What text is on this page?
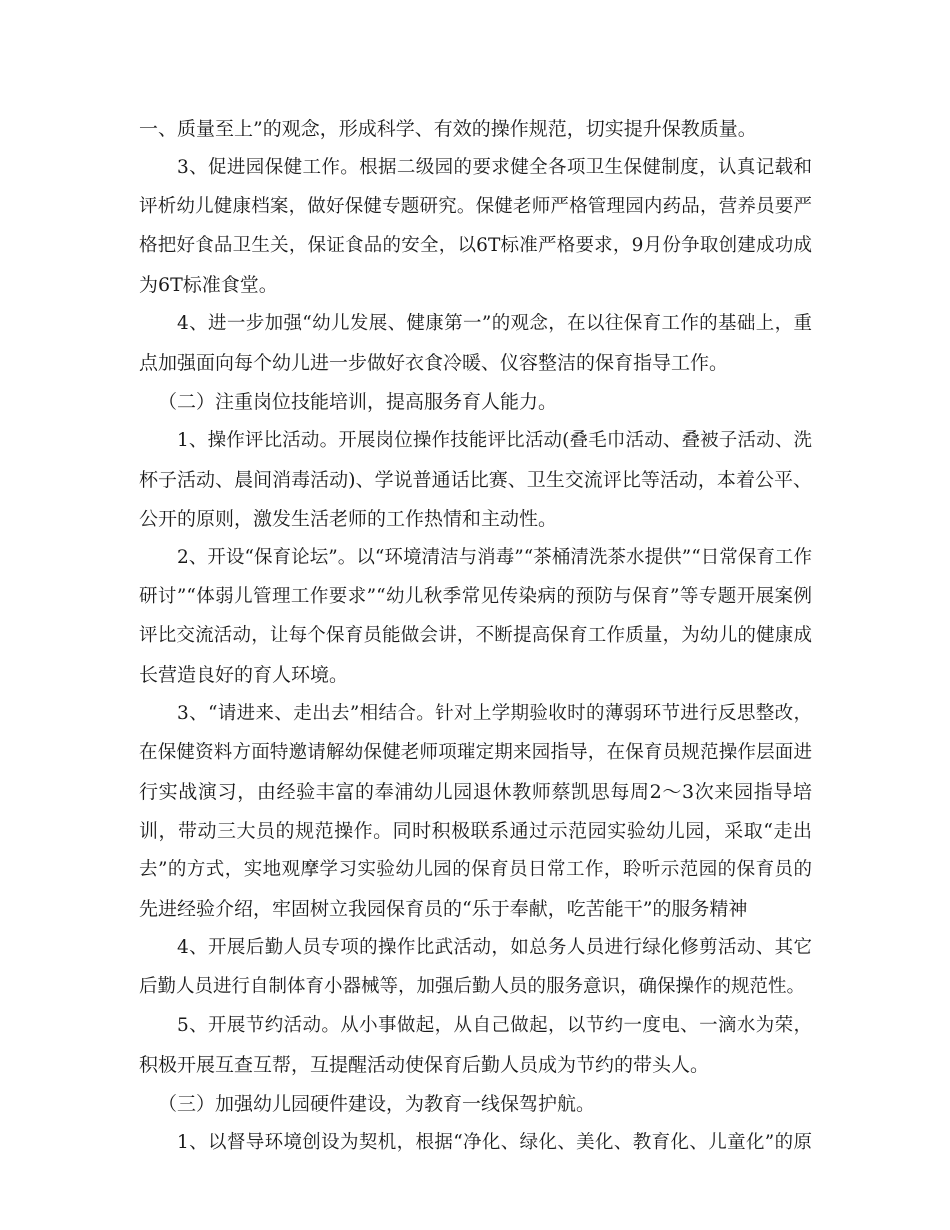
一、质量至上”的观念，形成科学、有效的操作规范，切实提升保教质量。
3、促进园保健工作。根据二级园的要求健全各项卫生保健制度，认真记载和
评析幼儿健康档案，做好保健专题研究。保健老师严格管理园内药品，营养员要严
格把好食品卫生关，保证食品的安全，以6T标准严格要求，9月份争取创建成功成
为6T标准食堂。
4、进一步加强“幼儿发展、健康第一”的观念，在以往保育工作的基础上，重
点加强面向每个幼儿进一步做好衣食冷暖、仪容整洁的保育指导工作。
（二）注重岗位技能培训，提高服务育人能力。
1、操作评比活动。开展岗位操作技能评比活动(叠毛巾活动、叠被子活动、洗
杯子活动、晨间消毒活动)、学说普通话比赛、卫生交流评比等活动，本着公平、
公开的原则，激发生活老师的工作热情和主动性。
2、开设“保育论坛”。以“环境清洁与消毒”“茶桶清洗茶水提供”“日常保育工作
研讨”“体弱儿管理工作要求”“幼儿秋季常见传染病的预防与保育”等专题开展案例
评比交流活动，让每个保育员能做会讲，不断提高保育工作质量，为幼儿的健康成
长营造良好的育人环境。
3、“请进来、走出去”相结合。针对上学期验收时的薄弱环节进行反思整改，
在保健资料方面特邀请解幼保健老师项璀定期来园指导，在保育员规范操作层面进
行实战演习，由经验丰富的奉浦幼儿园退休教师蔡凯思每周2～3次来园指导培
训，带动三大员的规范操作。同时积极联系通过示范园实验幼儿园，采取“走出
去”的方式，实地观摩学习实验幼儿园的保育员日常工作，聆听示范园的保育员的
先进经验介绍，牢固树立我园保育员的“乐于奉献，吃苦能干”的服务精神
4、开展后勤人员专项的操作比武活动，如总务人员进行绿化修剪活动、其它
后勤人员进行自制体育小器械等，加强后勤人员的服务意识，确保操作的规范性。
5、开展节约活动。从小事做起，从自己做起，以节约一度电、一滴水为荣，
积极开展互查互帮，互提醒活动使保育后勤人员成为节约的带头人。
（三）加强幼儿园硬件建设，为教育一线保驾护航。
1、以督导环境创设为契机，根据“净化、绿化、美化、教育化、儿童化”的原
